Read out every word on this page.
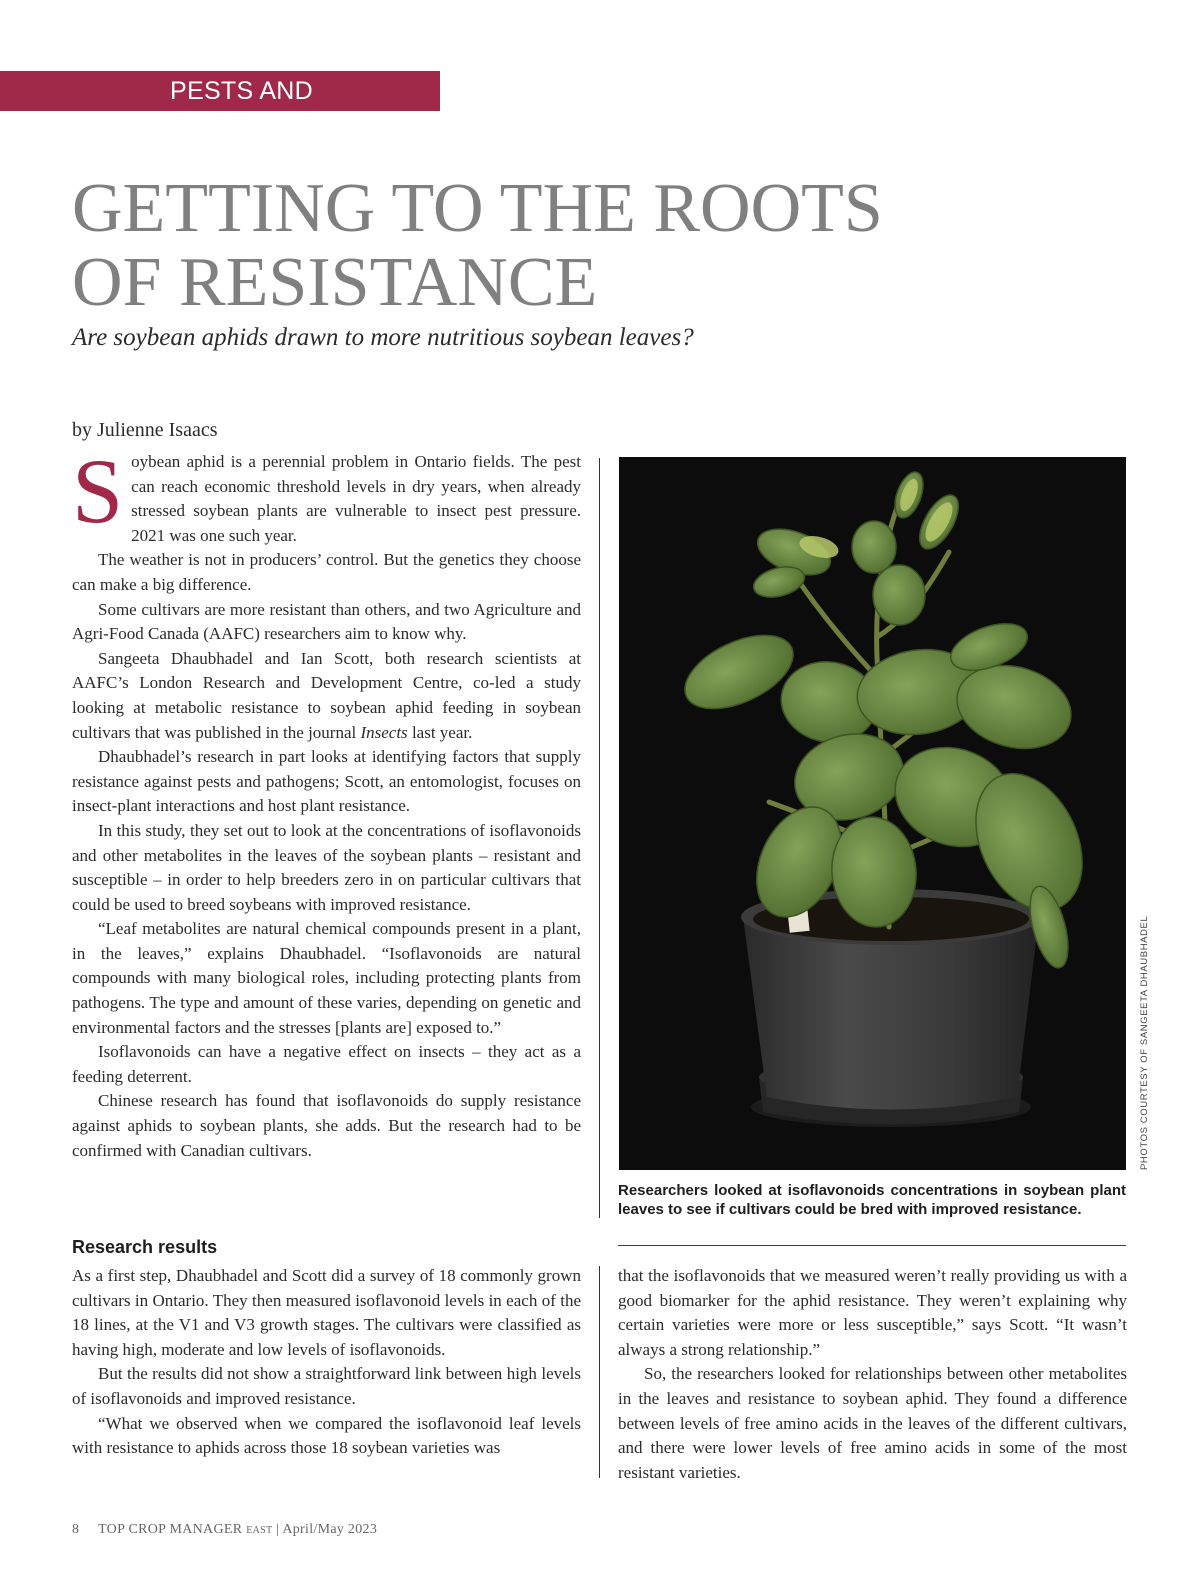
PESTS AND DISEASES
GETTING TO THE ROOTS
OF RESISTANCE

Are soybean aphids drawn to more nutritious soybean leaves?

by Julienne Isaacs

Soybean aphid is a perennial problem in Ontario fields. The pest can reach economic threshold levels in dry years, when already stressed soybean plants are vulnerable to insect pest pressure. 2021 was one such year.

The weather is not in producers’ control. But the genetics they choose can make a big difference.

Some cultivars are more resistant than others, and two Agriculture and Agri-Food Canada (AAFC) researchers aim to know why.

Sangeeta Dhaubhadel and Ian Scott, both research scientists at AAFC’s London Research and Development Centre, co-led a study looking at metabolic resistance to soybean aphid feeding in soybean cultivars that was published in the journal Insects last year.

Dhaubhadel’s research in part looks at identifying factors that supply resistance against pests and pathogens; Scott, an entomologist, focuses on insect-plant interactions and host plant resistance.

In this study, they set out to look at the concentrations of isoflavonoids and other metabolites in the leaves of the soybean plants – resistant and susceptible – in order to help breeders zero in on particular cultivars that could be used to breed soybeans with improved resistance.

“Leaf metabolites are natural chemical compounds present in a plant, in the leaves,” explains Dhaubhadel. “Isoflavonoids are natural compounds with many biological roles, including protecting plants from pathogens. The type and amount of these varies, depending on genetic and environmental factors and the stresses [plants are] exposed to.”

Isoflavonoids can have a negative effect on insects – they act as a feeding deterrent.

Chinese research has found that isoflavonoids do supply resistance against aphids to soybean plants, she adds. But the research had to be confirmed with Canadian cultivars.

Research results

As a first step, Dhaubhadel and Scott did a survey of 18 commonly grown cultivars in Ontario. They then measured isoflavonoid levels in each of the 18 lines, at the V1 and V3 growth stages. The cultivars were classified as having high, moderate and low levels of isoflavonoids.

But the results did not show a straightforward link between high levels of isoflavonoids and improved resistance.

“What we observed when we compared the isoflavonoid leaf levels with resistance to aphids across those 18 soybean varieties was

that the isoflavonoids that we measured weren’t really providing us with a good biomarker for the aphid resistance. They weren’t explaining why certain varieties were more or less susceptible,” says Scott. “It wasn’t always a strong relationship.”

So, the researchers looked for relationships between other metabolites in the leaves and resistance to soybean aphid. They found a difference between levels of free amino acids in the leaves of the different cultivars, and there were lower levels of free amino acids in some of the most resistant varieties.

PHOTOS COURTESY OF SANGEETA DHAUBHADEL

Researchers looked at isoflavonoids concentrations in soybean plant leaves to see if cultivars could be bred with improved resistance.

8 TOP CROP MANAGER EAST | April/May 2023
